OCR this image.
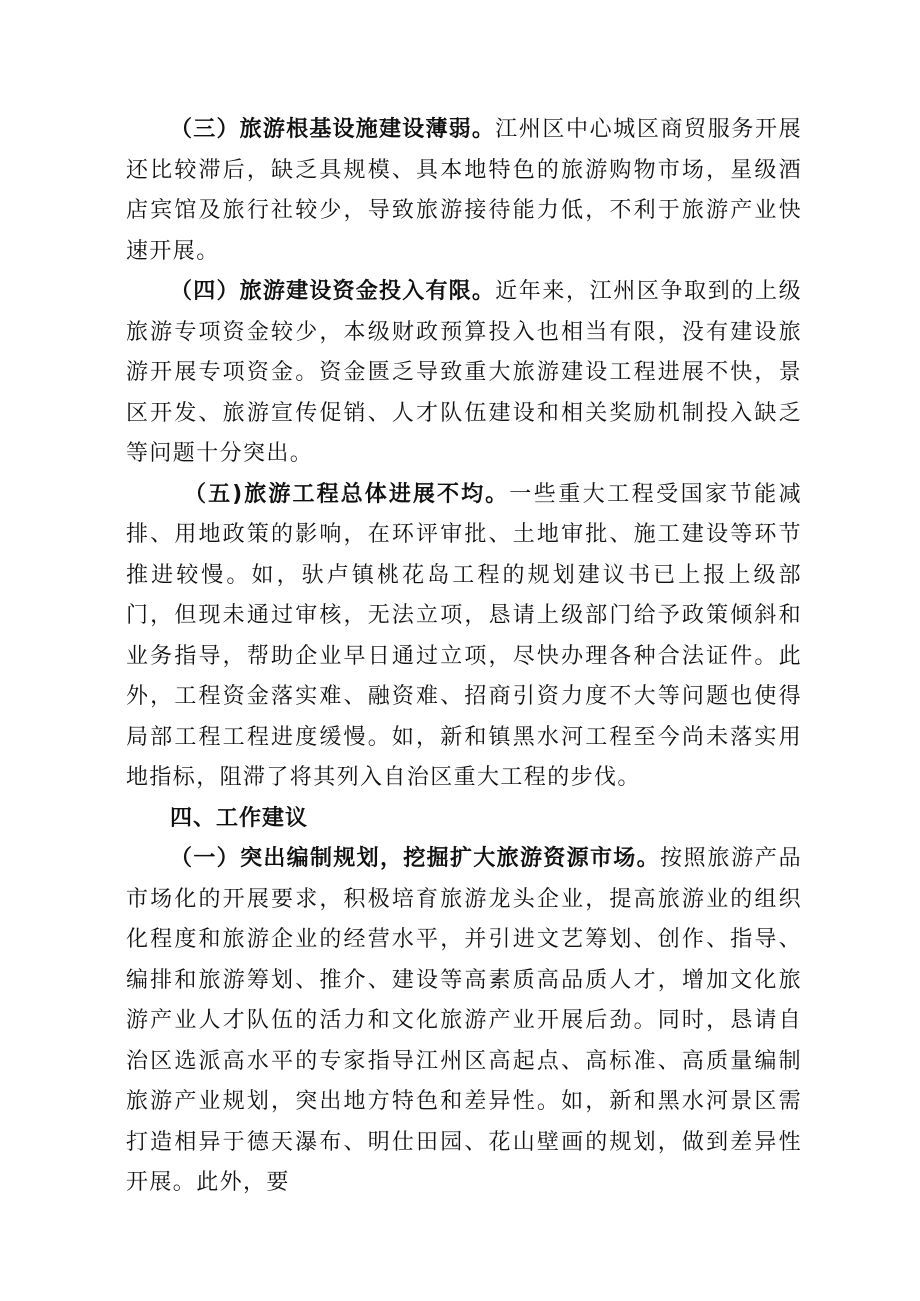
（三）旅游根基设施建设薄弱。江州区中心城区商贸服务开展还比较滞后，缺乏具规模、具本地特色的旅游购物市场，星级酒店宾馆及旅行社较少，导致旅游接待能力低，不利于旅游产业快速开展。

（四）旅游建设资金投入有限。近年来，江州区争取到的上级旅游专项资金较少，本级财政预算投入也相当有限，没有建设旅游开展专项资金。资金匮乏导致重大旅游建设工程进展不快，景区开发、旅游宣传促销、人才队伍建设和相关奖励机制投入缺乏等问题十分突出。

（五)旅游工程总体进展不均。一些重大工程受国家节能减排、用地政策的影响，在环评审批、土地审批、施工建设等环节推进较慢。如，驮卢镇桃花岛工程的规划建议书已上报上级部门，但现未通过审核，无法立项，恳请上级部门给予政策倾斜和业务指导，帮助企业早日通过立项，尽快办理各种合法证件。此外，工程资金落实难、融资难、招商引资力度不大等问题也使得局部工程工程进度缓慢。如，新和镇黑水河工程至今尚未落实用地指标，阻滞了将其列入自治区重大工程的步伐。

四、工作建议

（一）突出编制规划，挖掘扩大旅游资源市场。按照旅游产品市场化的开展要求，积极培育旅游龙头企业，提高旅游业的组织化程度和旅游企业的经营水平，并引进文艺筹划、创作、指导、编排和旅游筹划、推介、建设等高素质高品质人才，增加文化旅游产业人才队伍的活力和文化旅游产业开展后劲。同时，恳请自治区选派高水平的专家指导江州区高起点、高标准、高质量编制旅游产业规划，突出地方特色和差异性。如，新和黑水河景区需打造相异于德天瀑布、明仕田园、花山壁画的规划，做到差异性开展。此外，要
